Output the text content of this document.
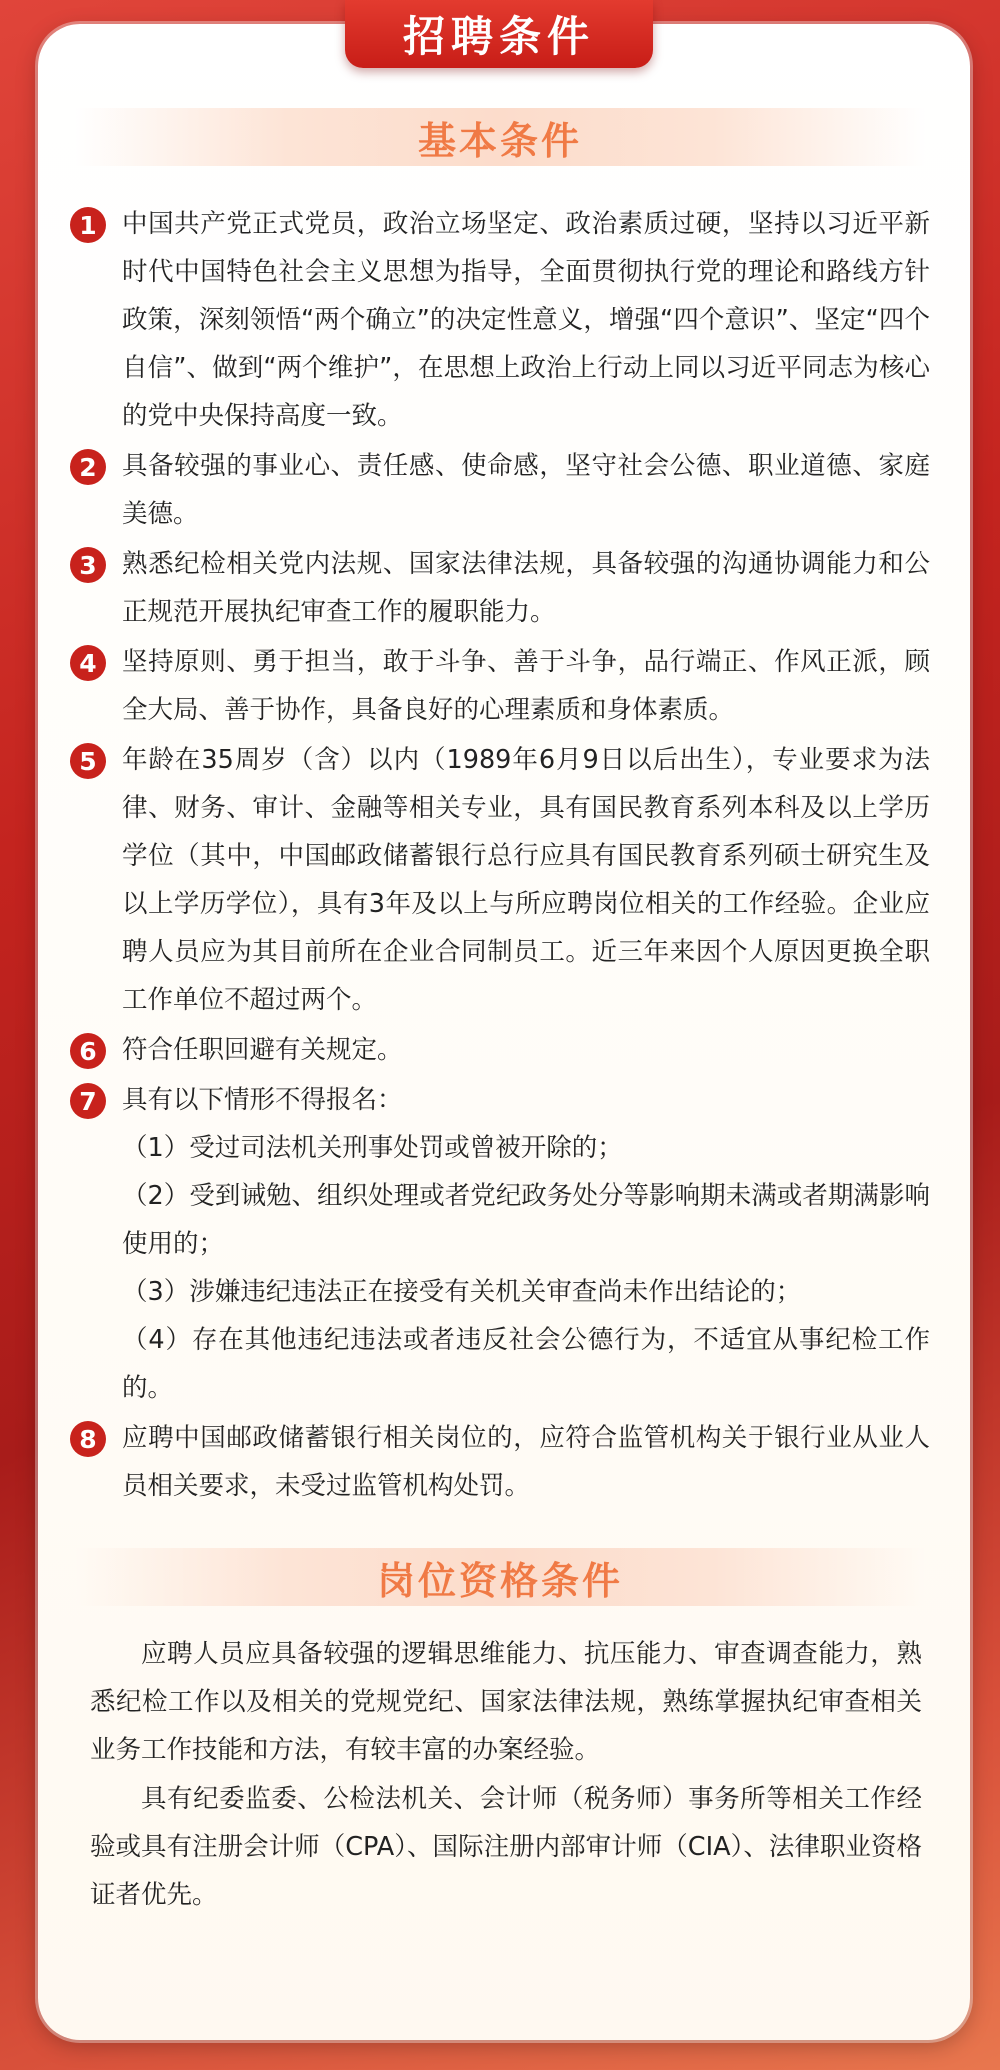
招聘条件
基本条件
1 中国共产党正式党员，政治立场坚定、政治素质过硬，坚持以习近平新时代中国特色社会主义思想为指导，全面贯彻执行党的理论和路线方针政策，深刻领悟“两个确立”的决定性意义，增强“四个意识”、坚定“四个自信”、做到“两个维护”，在思想上政治上行动上同以习近平同志为核心的党中央保持高度一致。

2 具备较强的事业心、责任感、使命感，坚守社会公德、职业道德、家庭美德。

3 熟悉纪检相关党内法规、国家法律法规，具备较强的沟通协调能力和公正规范开展执纪审查工作的履职能力。

4 坚持原则、勇于担当，敢于斗争、善于斗争，品行端正、作风正派，顾全大局、善于协作，具备良好的心理素质和身体素质。

5 年龄在35周岁（含）以内（1989年6月9日以后出生），专业要求为法律、财务、审计、金融等相关专业，具有国民教育系列本科及以上学历学位（其中，中国邮政储蓄银行总行应具有国民教育系列硕士研究生及以上学历学位），具有3年及以上与所应聘岗位相关的工作经验。企业应聘人员应为其目前所在企业合同制员工。近三年来因个人原因更换全职工作单位不超过两个。

6 符合任职回避有关规定。

7 具有以下情形不得报名：

（1）受过司法机关刑事处罚或曾被开除的；

（2）受到诫勉、组织处理或者党纪政务处分等影响期未满或者期满影响使用的；

（3）涉嫌违纪违法正在接受有关机关审查尚未作出结论的；

（4）存在其他违纪违法或者违反社会公德行为，不适宜从事纪检工作的。

8 应聘中国邮政储蓄银行相关岗位的，应符合监管机构关于银行业从业人员相关要求，未受过监管机构处罚。

岗位资格条件

应聘人员应具备较强的逻辑思维能力、抗压能力、审查调查能力，熟悉纪检工作以及相关的党规党纪、国家法律法规，熟练掌握执纪审查相关业务工作技能和方法，有较丰富的办案经验。

具有纪委监委、公检法机关、会计师（税务师）事务所等相关工作经验或具有注册会计师（CPA）、国际注册内部审计师（CIA）、法律职业资格证者优先。
